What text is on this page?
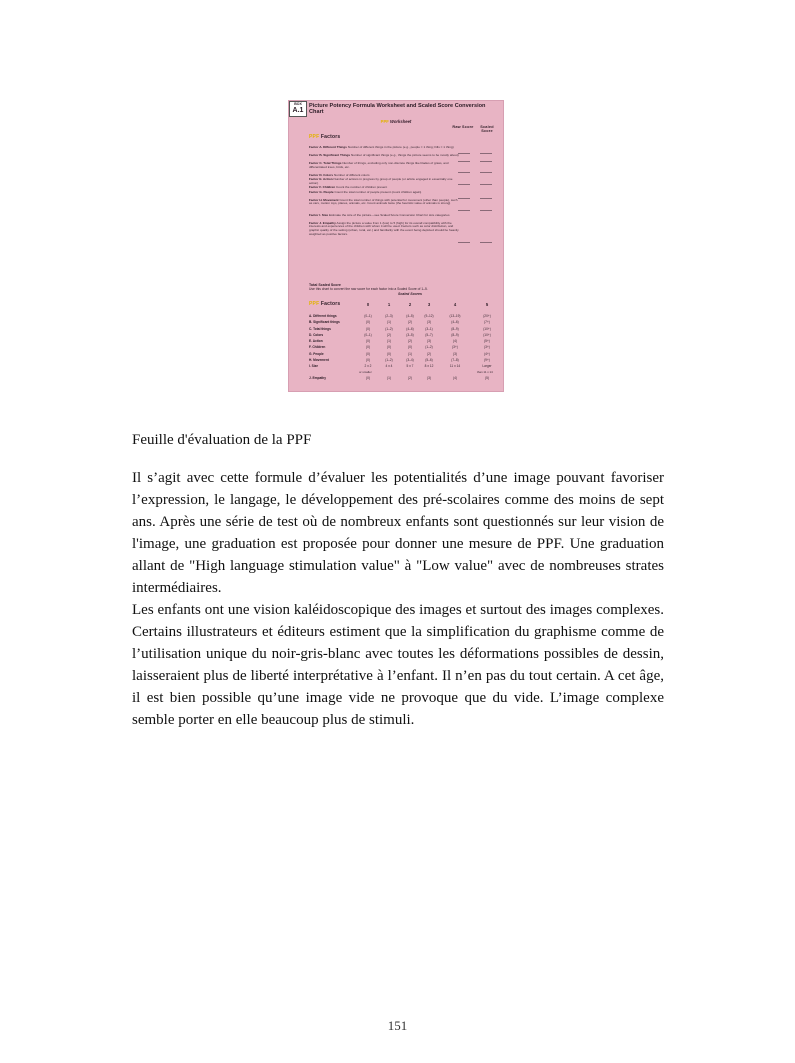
BOX
A.1
Picture Potency Formula Worksheet and Scaled Score Conversion Chart
PPF Worksheet
Raw Score	Scaled Score
PPF Factors

Factor A. Different Things Number of different things in the picture (e.g., people = 1 thing; hills = 1 thing)

Factor B. Significant Things Number of significant things (e.g., things the picture seems to be mostly about)

Factor C. Total Things Number of things, excluding only non-discrete things like blades of grass, and differentiated trees, birds, etc.

Factor D. Colors Number of different colors

Factor E. Action Number of actions in progress by group of people (or article engaged in essentially one action)

Factor F. Children Count the number of children present

Factor G. People Count the total number of people present (count children again)

Factor H. Movement Count the total number of things with potential for movement (other than people), such as cars, motion toys, planes, animals, etc. Count animals twice (the heuristic value of animals is strong)

Factor I. Size Estimate the size of the picture—see Scaled Score Conversion Chart for size categories

Factor J. Empathy Assign the picture a value from 1 (low) to 5 (high) for its overall compatibility with the interests and experiences of the children with whom it will be used. Factors such as color distribution, and graphic quality of the setting (urban, rural, etc.) and familiarity with the event being depicted should be heavily weighted as positive factors.

Total Scaled Score
Use this chart to convert the raw score for each factor into a Scaled Score of 1–5.
Scaled Scores
PPF Factors	0	1	2	3	4	5
A. Different things	(0–1)	(2–3)	(4–5)	(9–12)	(13–19)	(20+)
B. Significant things	(0)	(1)	(2)	(3)	(4–6)	(7+)
C. Total things	(0)	(1–2)	(4–6)	(3–1)	(8–9)	(10+)
D. Colors	(0–1)	(2)	(3–5)	(5–7)	(8–9)	(10+)
E. Action	(0)	(1)	(2)	(3)	(4)	(5+)
F. Children	(0)	(0)	(0)	(1–2)	(3+)	(3+)
G. People	(0)	(0)	(1)	(2)	(3)	(4+)
H. Movement	(0)	(1–2)	(3–4)	(5–6)	(7–8)	(9+)
I. Size	2 x 2	4 x 4	5 x 7	8 x 12	11 x 14	Larger
or smaller	than 11 x 14
J. Empathy	(0)	(1)	(2)	(3)	(4)	(5)
Feuille d'évaluation de la PPF

Il s’agit avec cette formule d’évaluer les potentialités d’une image pouvant favoriser l’expression, le langage, le développement des pré-scolaires comme des moins de sept ans. Après une série de test où de nombreux enfants sont questionnés sur leur vision de l'image, une graduation est proposée pour donner une mesure de PPF. Une graduation allant de "High language stimulation value" à "Low value" avec de nombreuses strates intermédiaires.

Les enfants ont une vision kaléidoscopique des images et surtout des images complexes. Certains illustrateurs et éditeurs estiment que la simplification du graphisme comme de l’utilisation unique du noir-gris-blanc avec toutes les déformations possibles de dessin, laisseraient plus de liberté interprétative à l’enfant. Il n’en pas du tout certain. A cet âge, il est bien possible qu’une image vide ne provoque que du vide. L’image complexe semble porter en elle beaucoup plus de stimuli.

151
